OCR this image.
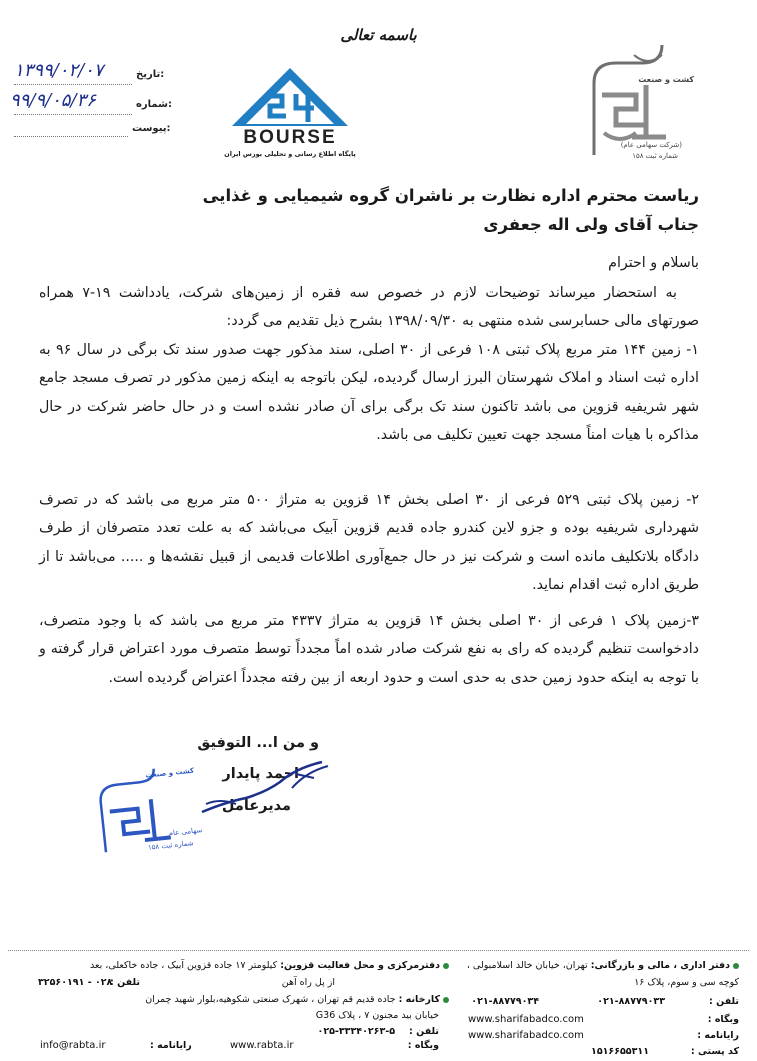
باسمه تعالی
۱۳۹۹/۰۲/۰۷	تاریخ:
۹۹/۹/۰۵/۳۶	شماره:
پیوست:	BOURSE
پایگاه اطلاع رسانی و تحلیلی بورس ایران
کشت و صنعت
(شرکت سهامی عام)
شماره ثبت ۱۵۸
ریاست محترم اداره نظارت بر ناشران گروه شیمیایی و غذایی
جناب آقای ولی اله جعفری
باسلام و احترام
به استحضار میرساند توضیحات لازم در خصوص سه فقره از زمین‌های شرکت، یادداشت ۱۹-۷ همراه صورتهای مالی حسابرسی شده منتهی به ۱۳۹۸/۰۹/۳۰ بشرح ذیل تقدیم می گردد:
۱- زمین ۱۴۴ متر مربع پلاک ثبتی ۱۰۸ فرعی از ۳۰ اصلی، سند مذکور جهت صدور سند تک برگی در سال ۹۶ به اداره ثبت اسناد و املاک شهرستان البرز ارسال گردیده، لیکن باتوجه به اینکه زمین مذکور در تصرف مسجد جامع شهر شریفیه قزوین می باشد تاکنون سند تک برگی برای آن صادر نشده است و در حال حاضر شرکت در حال مذاکره با هیات امناً مسجد جهت تعیین تکلیف می باشد.
۲- زمین پلاک ثبتی ۵۲۹ فرعی از ۳۰ اصلی بخش ۱۴ قزوین به متراژ ۵۰۰ متر مربع می باشد که در تصرف شهرداری شریفیه بوده و جزو لاین کندرو جاده قدیم قزوین آبیک می‌باشد که به علت تعدد متصرفان از طرف دادگاه بلاتکلیف مانده است و شرکت نیز در حال جمع‌آوری اطلاعات قدیمی از قبیل نقشه‌ها و ..... می‌باشد تا از طریق اداره ثبت اقدام نماید.
۳-زمین پلاک ۱ فرعی از ۳۰ اصلی بخش ۱۴ قزوین به متراژ ۴۳۳۷ متر مربع می باشد که با وجود متصرف، دادخواست تنظیم گردیده که رای به نفع شرکت صادر شده اماً مجدداً توسط متصرف مورد اعتراض قرار گرفته و با توجه به اینکه حدود زمین حدی به حدی است و حدود اربعه از بین رفته مجدداً اعتراض گردیده است.
و من ا... التوفیق
احمد پایدار
مدیرعامل
کشت و صنعت
سهامی عام
شماره ثبت ۱۵۸
دفتر اداری ، مالی و بازرگانی: تهران، خیابان خالد اسلامبولی ،
کوچه سی و سوم، پلاک ۱۶
تلفن :
۰۲۱-۸۸۷۷۹۰۳۳
۰۲۱-۸۸۷۷۹۰۳۴
وبگاه :
www.sharifabadco.com
رایانامه :
www.sharifabadco.com
کد پستی :
۱۵۱۶۶۵۵۳۱۱
دفترمرکزی و محل فعالیت قزوین: کیلومتر ۱۷ جاده قزوین آبیک ، جاده خاکعلی، بعد
از پل راه آهن
تلفن :
۰۲۸ - ۳۲۵۶۰۱۹۱
کارخانه : جاده قدیم قم تهران ، شهرک صنعتی شکوهیه،بلوار شهید چمران
خیابان بید مجنون ۷ ، پلاک G36
تلفن :
۰۲۵-۳۳۳۴۰۲۶۳-۵
وبگاه :
www.rabta.ir
رایانامه :
info@rabta.ir
